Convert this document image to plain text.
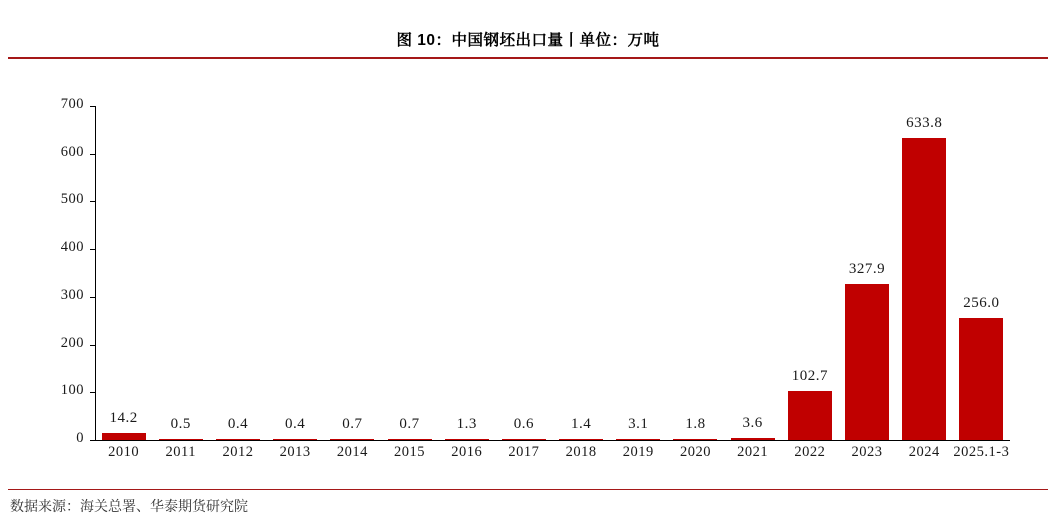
图 10：中国钢坯出口量丨单位：万吨
0
100
200
300
400
500
600
700
14.2 0.5 0.4 0.4 0.7 0.7 1.3 0.6 1.4 3.1 1.8 3.6
102.7
327.9
633.8
256.0
2010	2011	2012	2013	2014	2015	2016	2017	2018	2019	2020	2021	2022	2023	2024 2025.1-3
数据来源：海关总署、华泰期货研究院
